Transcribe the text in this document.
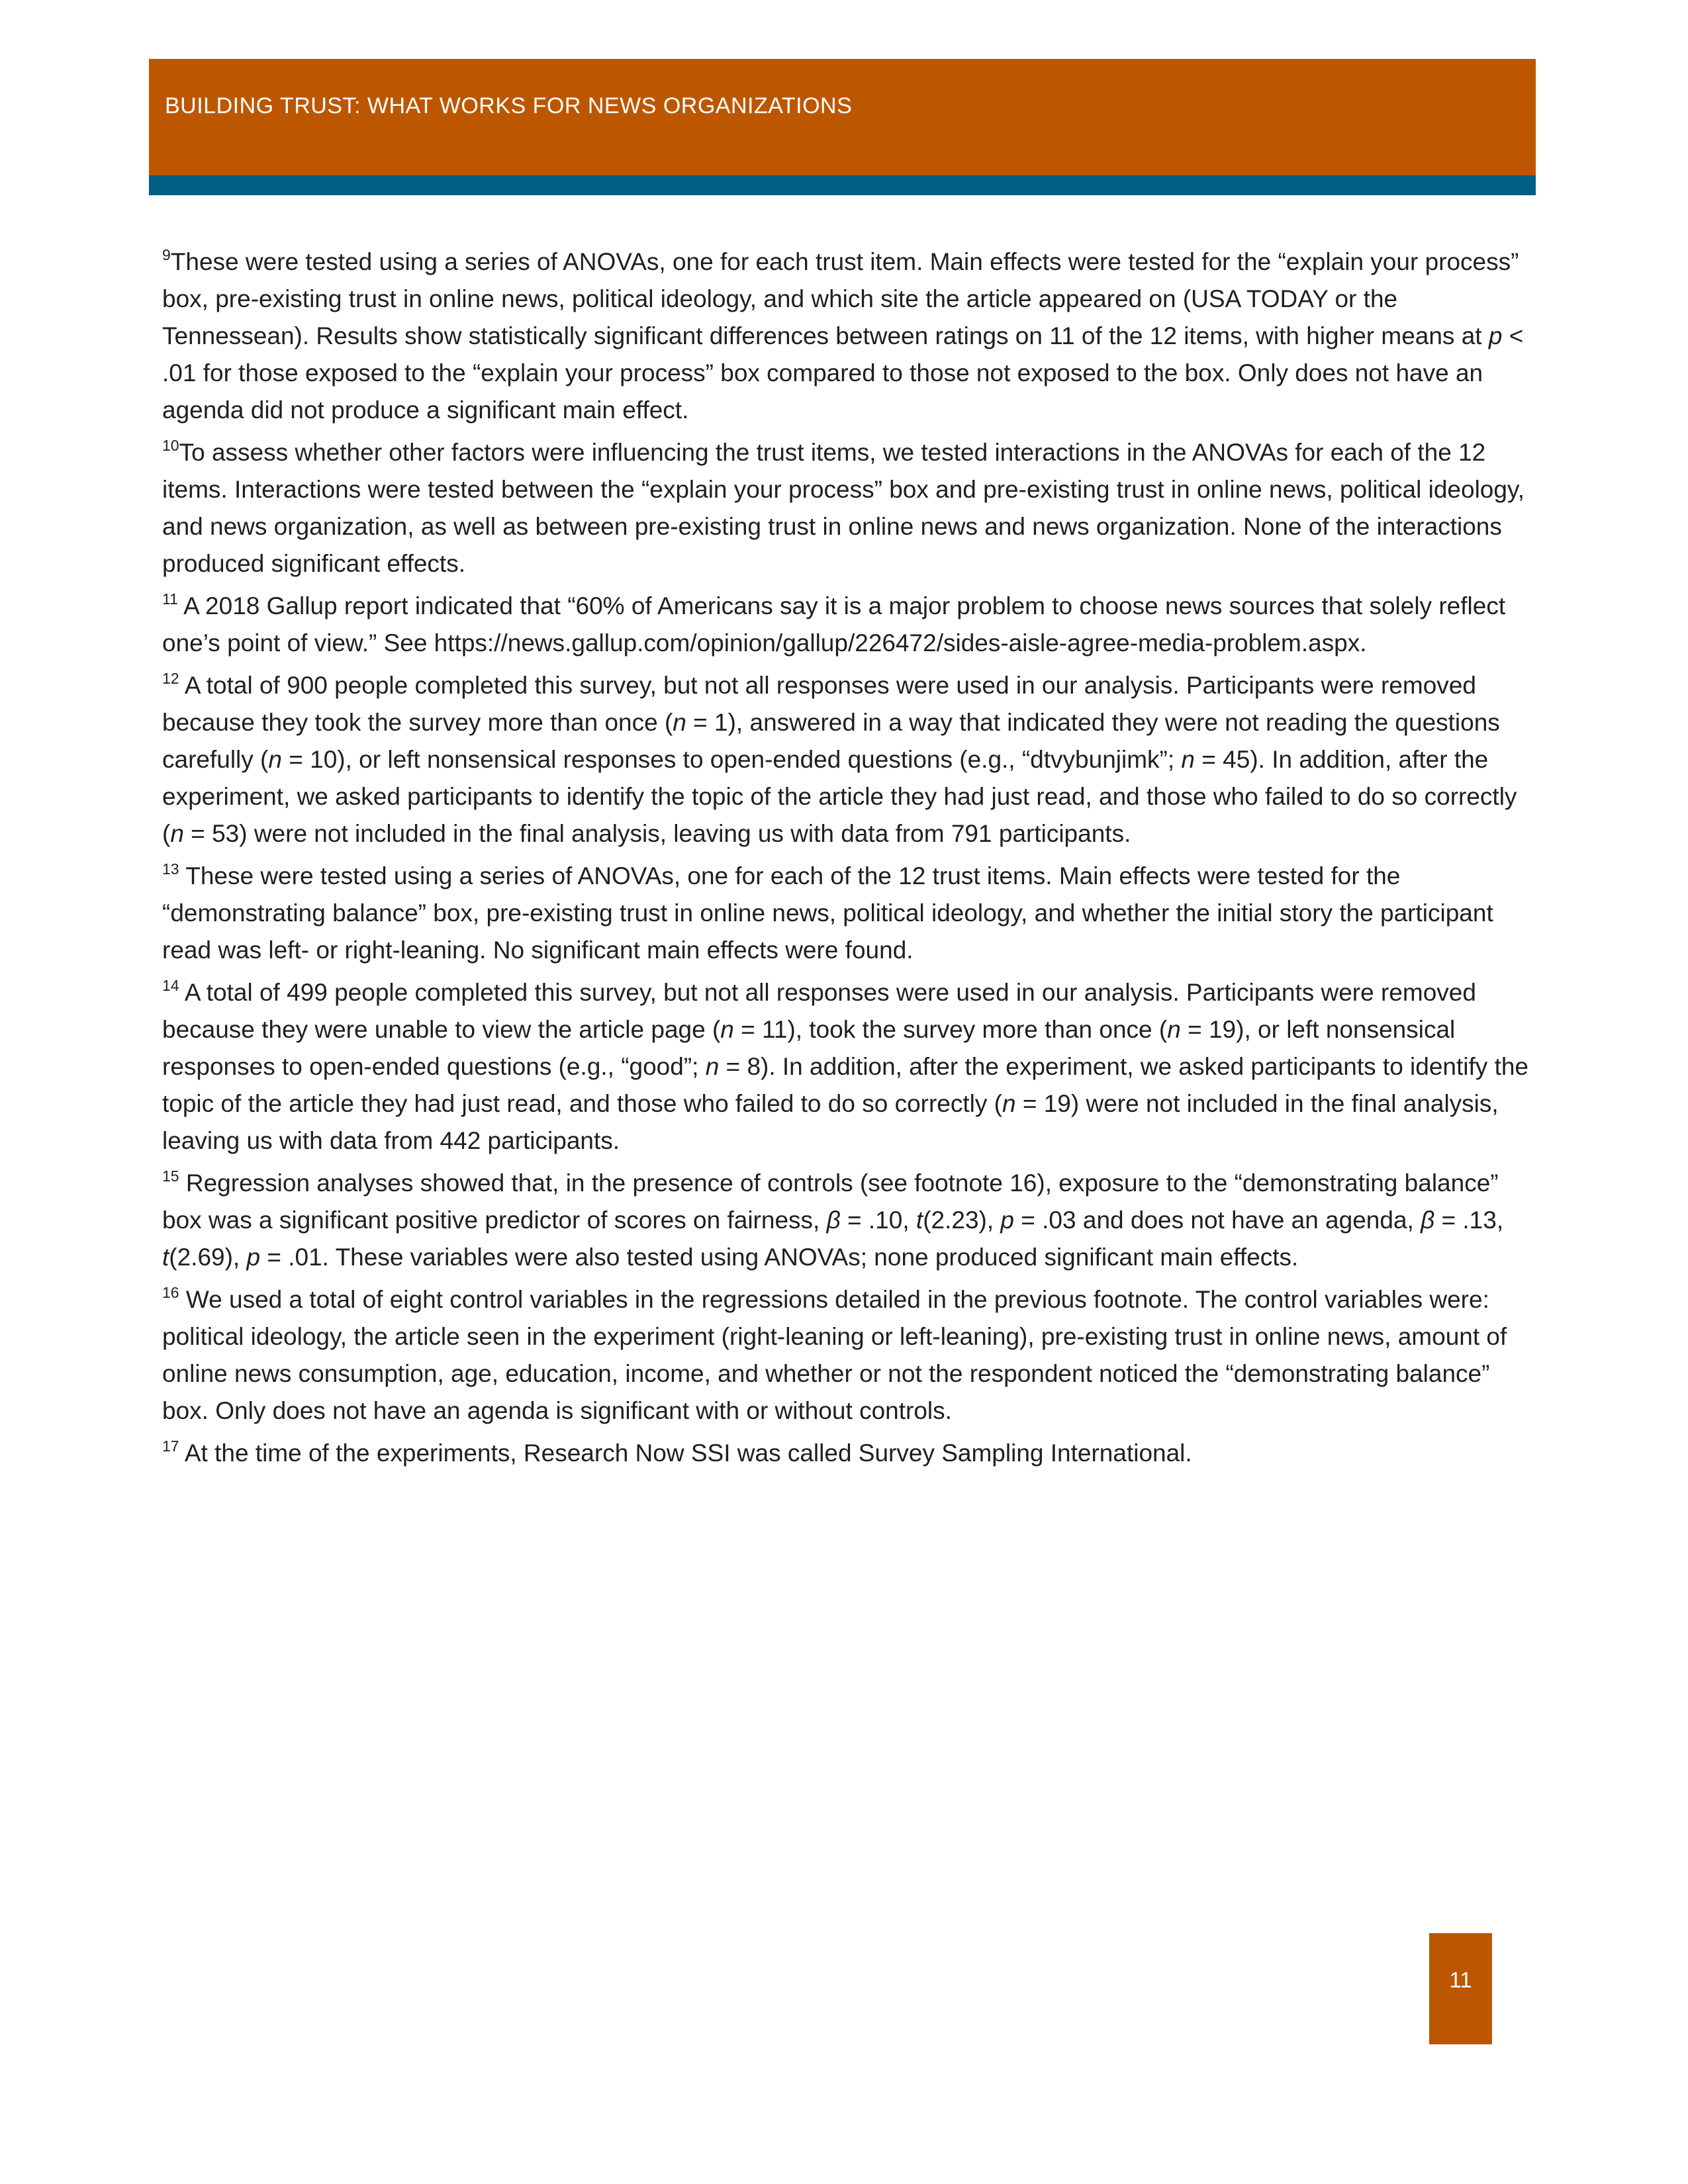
BUILDING TRUST: WHAT WORKS FOR NEWS ORGANIZATIONS

$^9$These were tested using a series of ANOVAs, one for each trust item. Main effects were tested for the “explain your process” box, pre-existing trust in online news, political ideology, and which site the article appeared on (USA TODAY or the Tennessean). Results show statistically significant differences between ratings on 11 of the 12 items, with higher means at p < .01 for those exposed to the “explain your process” box compared to those not exposed to the box. Only does not have an agenda did not produce a significant main effect.

$^{10}$To assess whether other factors were influencing the trust items, we tested interactions in the ANOVAs for each of the 12 items. Interactions were tested between the “explain your process” box and pre-existing trust in online news, political ideology, and news organization, as well as between pre-existing trust in online news and news organization. None of the interactions produced significant effects.

$^{11}$ A 2018 Gallup report indicated that “60% of Americans say it is a major problem to choose news sources that solely reflect one’s point of view.” See https://news.gallup.com/opinion/gallup/226472/sides-aisle-agree-media-problem.aspx.

$^{12}$ A total of 900 people completed this survey, but not all responses were used in our analysis. Participants were removed because they took the survey more than once (n = 1), answered in a way that indicated they were not reading the questions carefully (n = 10), or left nonsensical responses to open-ended questions (e.g., “dtvybunjimk”; n = 45). In addition, after the experiment, we asked participants to identify the topic of the article they had just read, and those who failed to do so correctly (n = 53) were not included in the final analysis, leaving us with data from 791 participants.

$^{13}$ These were tested using a series of ANOVAs, one for each of the 12 trust items. Main effects were tested for the “demonstrating balance” box, pre-existing trust in online news, political ideology, and whether the initial story the participant read was left- or right-leaning. No significant main effects were found.

$^{14}$ A total of 499 people completed this survey, but not all responses were used in our analysis. Participants were removed because they were unable to view the article page (n = 11), took the survey more than once (n = 19), or left nonsensical responses to open-ended questions (e.g., “good”; n = 8). In addition, after the experiment, we asked participants to identify the topic of the article they had just read, and those who failed to do so correctly (n = 19) were not included in the final analysis, leaving us with data from 442 participants.

$^{15}$ Regression analyses showed that, in the presence of controls (see footnote 16), exposure to the “demonstrating balance” box was a significant positive predictor of scores on fairness, β = .10, t(2.23), p = .03 and does not have an agenda, β = .13, t(2.69), p = .01. These variables were also tested using ANOVAs; none produced significant main effects.

$^{16}$ We used a total of eight control variables in the regressions detailed in the previous footnote. The control variables were: political ideology, the article seen in the experiment (right-leaning or left-leaning), pre-existing trust in online news, amount of online news consumption, age, education, income, and whether or not the respondent noticed the “demonstrating balance” box. Only does not have an agenda is significant with or without controls.

$^{17}$ At the time of the experiments, Research Now SSI was called Survey Sampling International.

11
